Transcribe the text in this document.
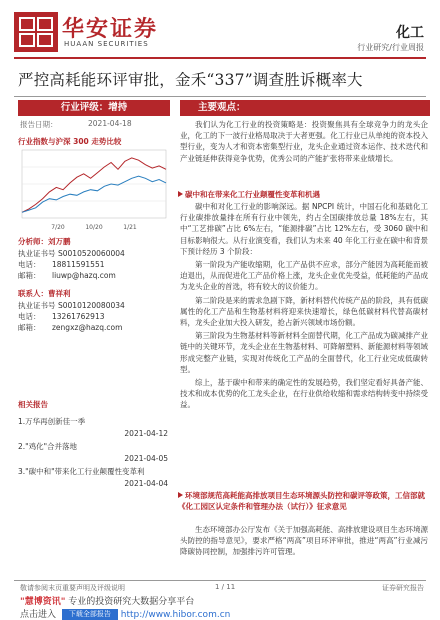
华安证券
HUAAN SECURITIES
化工
行业研究/行业周报
严控高耗能环评审批，金禾“337”调查胜诉概率大
行业评级：增持
报告日期：	2021-04-18
行业指数与沪深 300 走势比较
7/20	10/20	1/21
分析师：刘万鹏
执业证书号 S0010520060004
电话： 18811591551
邮箱： liuwp@hazq.com
联系人：曹祥利
执业证书号 S0010120080034
电话： 13261762913
邮箱： zengxz@hazq.com
相关报告

1.万华再创新佳一季

2021-04-12

2."鸡化"合并落地

2021-04-05

3."碳中和"带来化工行业颠覆性变革利

2021-04-04

主要观点：

我们认为化工行业的投资策略是：投资聚焦具有全球竞争力的龙头企业，化工的下一波行业格局取决于大者更强。化工行业已从单纯的资本投入型行业，变为人才和资本密集型行业，龙头企业通过资本运作、技术迭代和产业链延伸获得竞争优势，优秀公司的产能扩张将带来业绩增长。

碳中和在带来化工行业颠覆性变革和机遇

碳中和对化工行业的影响深远。据 NPCPI 统计，中国石化和基础化工行业碳排放量排在所有行业中领先，约占全国碳排放总量 18%左右，其中“工艺排碳”占比 6%左右，“能源排碳”占比 12%左右，受 3060 碳中和目标影响很大。从行业演变看，我们认为未来 40 年化工行业在碳中和背景下预计经历 3 个阶段：

第一阶段为产能收缩期，化工产品供不应求，部分产能因为高耗能而被迫退出，从而促进化工产品价格上涨，龙头企业优先受益，低耗能的产品成为龙头企业的首选，将有较大的议价能力。

第二阶段是来的需求急剧下降，新材料替代传统产品的阶段，具有低碳属性的化工产品和生物基材料将迎来快速增长，绿色低碳材料代替高碳材料，龙头企业加大投入研发，抢占新兴领域市场份额。

第三阶段为生物基材料等新材料全面替代期，化工产品成为碳减排产业链中的关键环节，龙头企业在生物基材料、可降解塑料、新能源材料等领域形成完整产业链，实现对传统化工产品的全面替代，化工行业完成低碳转型。

综上，基于碳中和带来的确定性的发展趋势，我们坚定看好具备产能、技术和成本优势的化工龙头企业，在行业供给收缩和需求结构转变中持续受益。

环境部规范高耗能高排放项目生态环境源头防控和碳评等政策，工信部就《化工园区认定条件和管理办法（试行）》征求意见

生态环境部办公厅发布《关于加强高耗能、高排放建设项目生态环境源头防控的指导意见》，要求严格“两高”项目环评审批，推进“两高”行业减污降碳协同控制，加强排污许可管理。

敬请参阅末页重要声明及评级说明	1 / 11	证券研究报告
"慧博资讯" 专业的投资研究大数据分享平台
点击进入 下载全部报告 http://www.hibor.com.cn
